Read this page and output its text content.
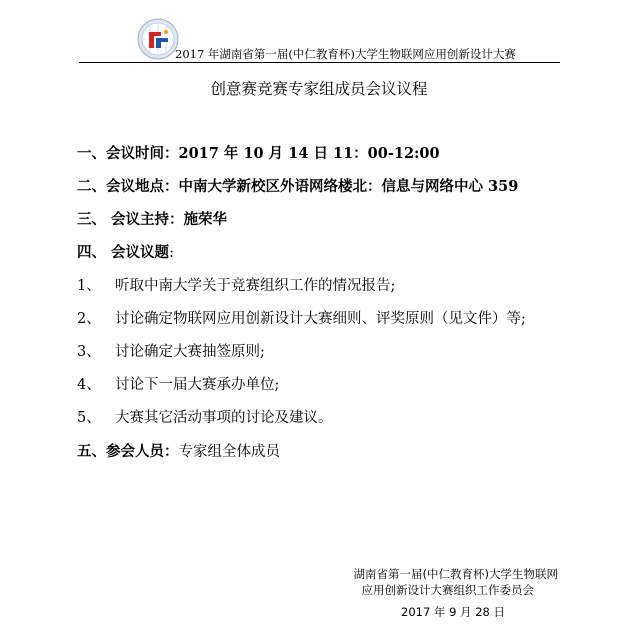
2017 年湖南省第一届(中仁教育杯)大学生物联网应用创新设计大赛
创意赛竞赛专家组成员会议议程
一、会议时间：2017 年 10 月 14 日 11：00-12:00
二、会议地点：中南大学新校区外语网络楼北：信息与网络中心 359
三、 会议主持：施荣华
四、 会议议题:
1、 听取中南大学关于竞赛组织工作的情况报告;
2、 讨论确定物联网应用创新设计大赛细则、评奖原则（见文件）等;
3、 讨论确定大赛抽签原则;
4、 讨论下一届大赛承办单位;
5、 大赛其它活动事项的讨论及建议。
五、参会人员：专家组全体成员
湖南省第一届(中仁教育杯)大学生物联网
应用创新设计大赛组织工作委员会
2017 年 9 月 28 日
